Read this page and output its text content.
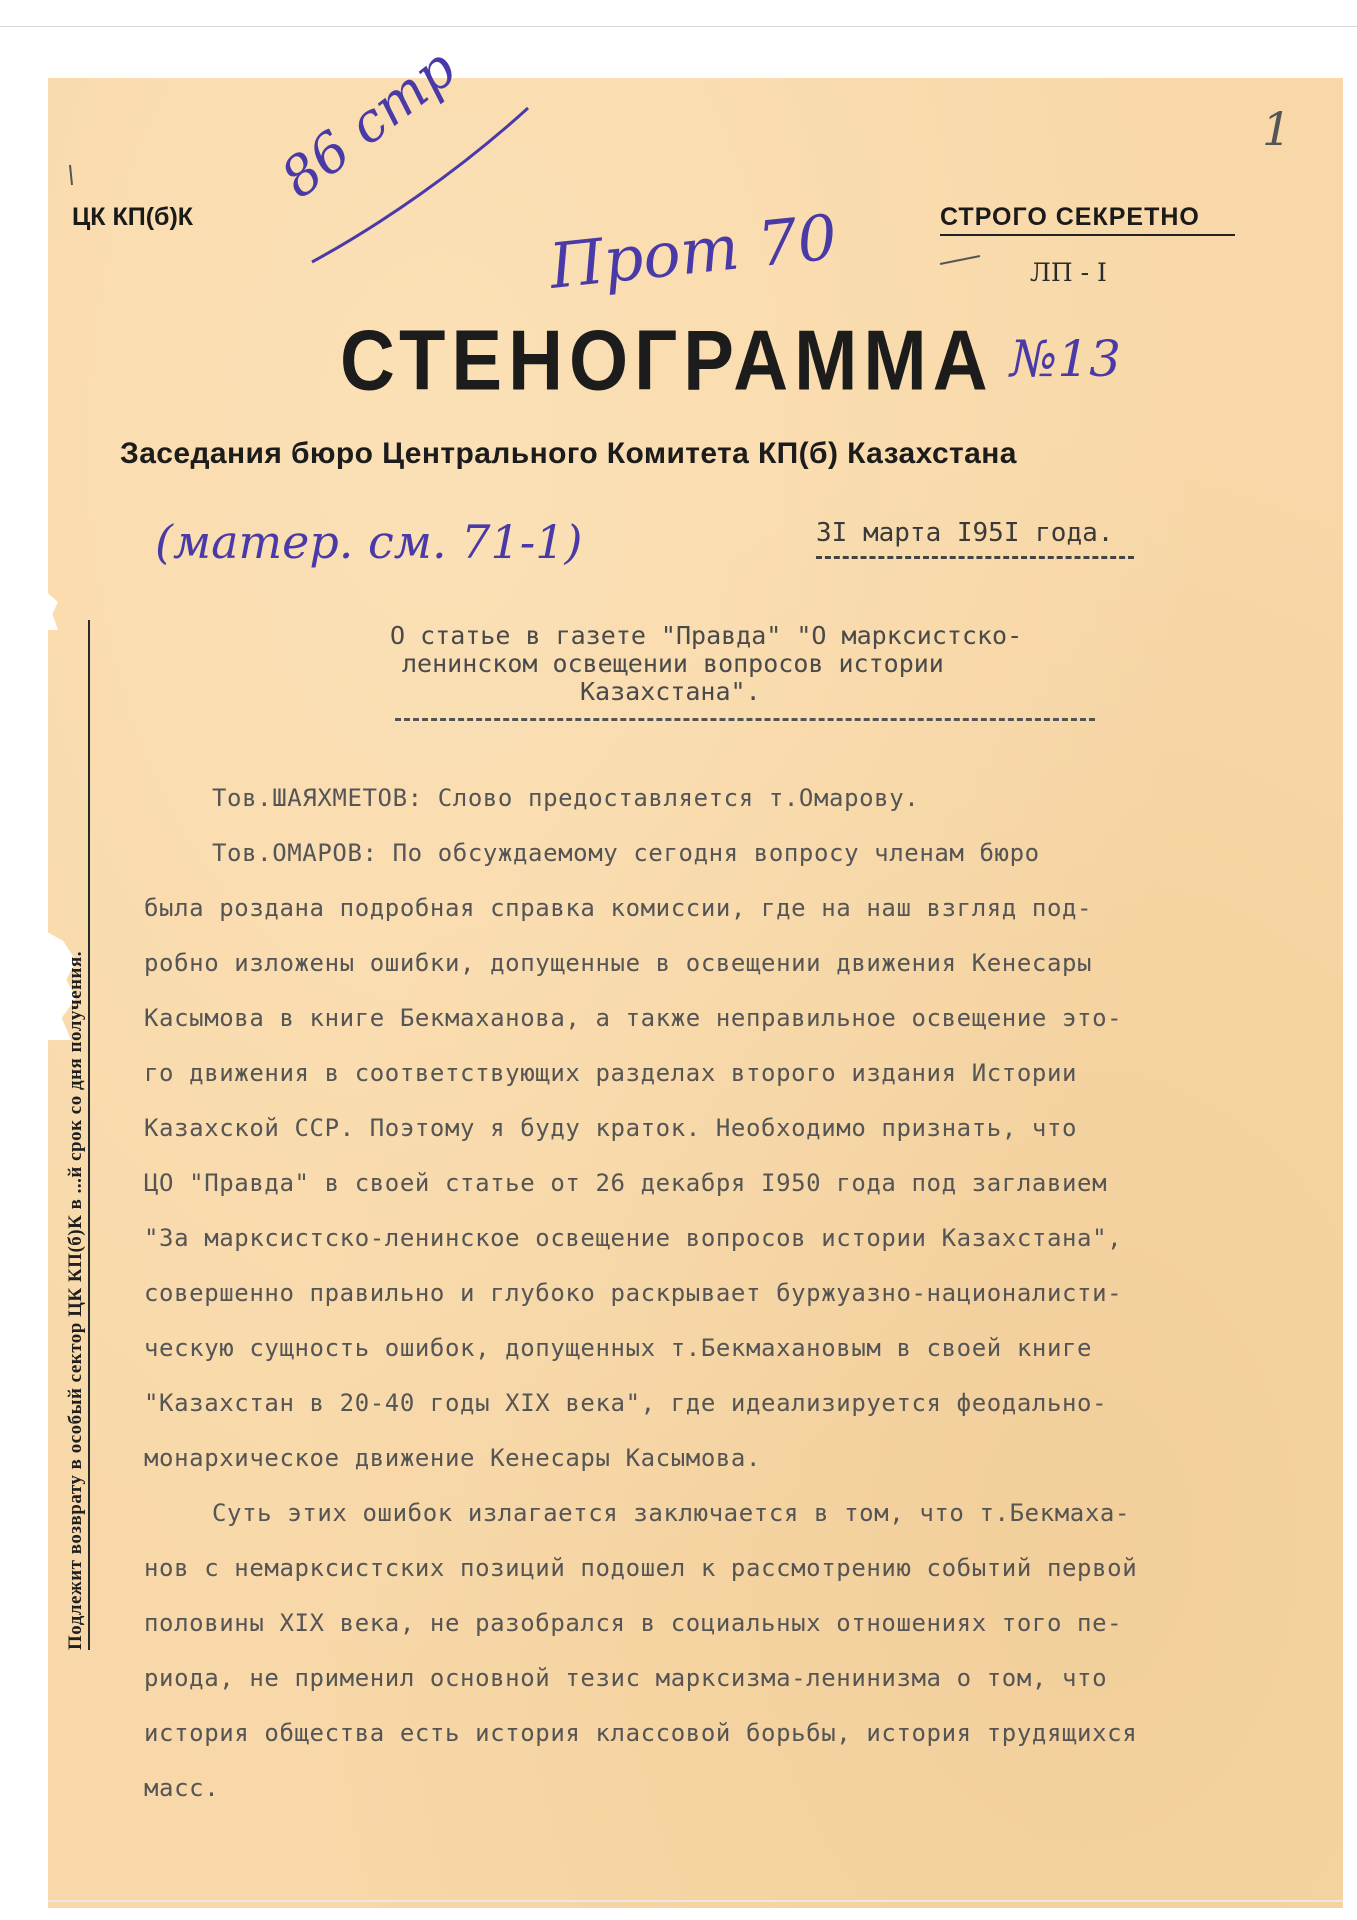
Подлежит возврату в особый сектор ЦК КП(б)К в ...й срок со дня получения.
ЦК КП(б)К	СТРОГО СЕКРЕТНО
ЛП - I
СТЕНОГРАММА
Заседания бюро Центрального Комитета КП(б) Казахстана
3I марта I95I года.
О статье в газете "Правда" "О марксистско-
ленинском освещении вопросов истории
Казахстана".
Тов.ШАЯХМЕТОВ: Слово предоставляется т.Омарову.
Тов.ОМАРОВ: По обсуждаемому сегодня вопросу членам бюро
была роздана подробная справка комиссии, где на наш взгляд под-
робно изложены ошибки, допущенные в освещении движения Кенесары
Касымова в книге Бекмаханова, а также неправильное освещение это-
го движения в соответствующих разделах второго издания Истории
Казахской ССР. Поэтому я буду краток. Необходимо признать, что
ЦО "Правда" в своей статье от 26 декабря I950 года под заглавием
"За марксистско-ленинское освещение вопросов истории Казахстана",
совершенно правильно и глубоко раскрывает буржуазно-националисти-
ческую сущность ошибок, допущенных т.Бекмахановым в своей книге
"Казахстан в 20-40 годы XIX века", где идеализируется феодально-
монархическое движение Кенесары Касымова.
Суть этих ошибок излагается заключается в том, что т.Бекмаха-
нов с немарксистских позиций подошел к рассмотрению событий первой
половины XIX века, не разобрался в социальных отношениях того пе-
риода, не применил основной тезис марксизма-ленинизма о том, что
история общества есть история классовой борьбы, история трудящихся
масс.
86 стр
Прот 70
№13
(матер. см. 71-1)
1
